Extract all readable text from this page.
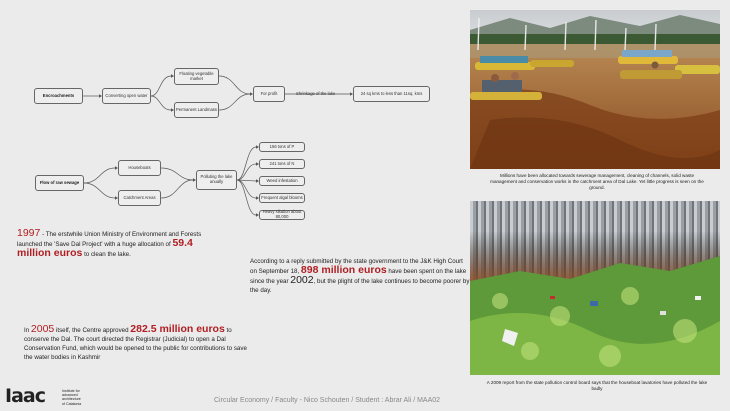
Encroachments	Converting open water
Floating vegetable market
Permanent Landmass
For profit	Shrinkage of the lake	24 sq kms to less than 11sq. kms
Flow of raw sewage
Houseboats
Catchment Areas
Polluting the lake anually
156 tons of P
241 tons of N
Weed infestation
Frequent algal blooms
Heavy siltation about 80,000
1997 - The erstwhile Union Ministry of Environment and Forests launched the 'Save Dal Project' with a huge allocation of 59.4 million euros to clean the lake.
According to a reply submitted by the state government to the J&K High Court on September 18, 898 million euros have been spent on the lake since the year 2002, but the plight of the lake continues to become poorer by the day.
In 2005 itself, the Centre approved 282.5 million euros to conserve the Dal. The court directed the Registrar (Judicial) to open a Dal Conservation Fund, which would be opened to the public for contributions to save the water bodies in Kashmir
Millions have been allocated towards sewerage management, cleaning of channels, solid waste management and conservation works in the catchment area of Dal Lake. Yet little progress is seen on the ground.
A 2009 report from the state pollution control board says that the houseboat lavatories have polluted the lake badly
Iaac	Institute for
advanced
architecture
of Catalonia	Circular Economy / Faculty - Nico Schouten / Student : Abrar Ali / MAA02
